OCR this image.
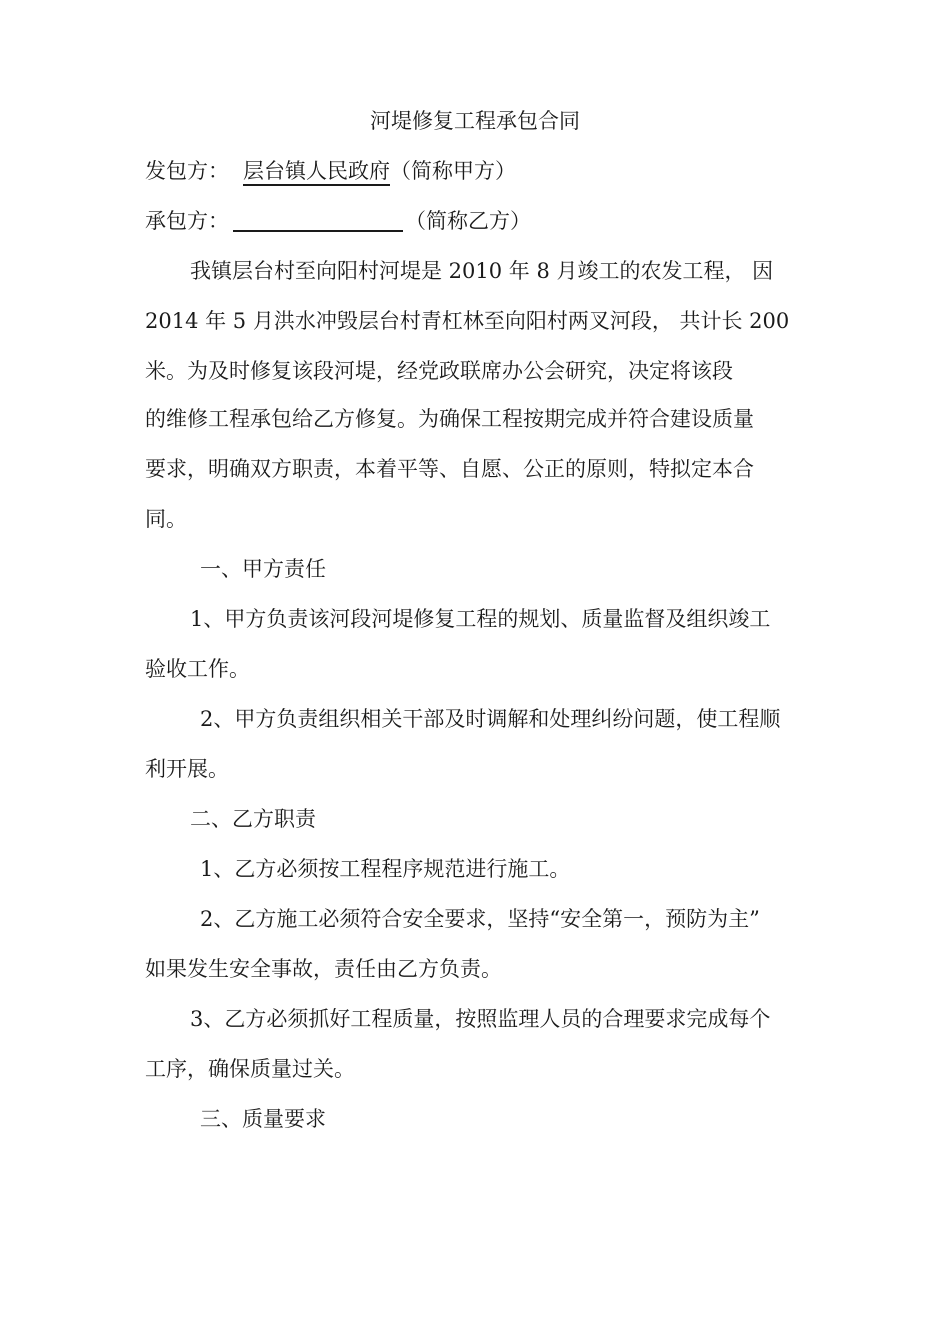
河堤修复工程承包合同
发包方： 层台镇人民政府（简称甲方）
承包方：	（简称乙方）
我镇层台村至向阳村河堤是 2010 年 8 月竣工的农发工程， 因
2014 年 5 月洪水冲毁层台村青杠林至向阳村两叉河段， 共计长 200
米。为及时修复该段河堤，经党政联席办公会研究，决定将该段
的维修工程承包给乙方修复。为确保工程按期完成并符合建设质量
要求，明确双方职责，本着平等、自愿、公正的原则，特拟定本合
同。
一、甲方责任
1、甲方负责该河段河堤修复工程的规划、质量监督及组织竣工
验收工作。
2、甲方负责组织相关干部及时调解和处理纠纷问题，使工程顺
利开展。
二、乙方职责
1、乙方必须按工程程序规范进行施工。
2、乙方施工必须符合安全要求，坚持“安全第一，预防为主”
如果发生安全事故，责任由乙方负责。
3、乙方必须抓好工程质量，按照监理人员的合理要求完成每个
工序，确保质量过关。
三、质量要求
